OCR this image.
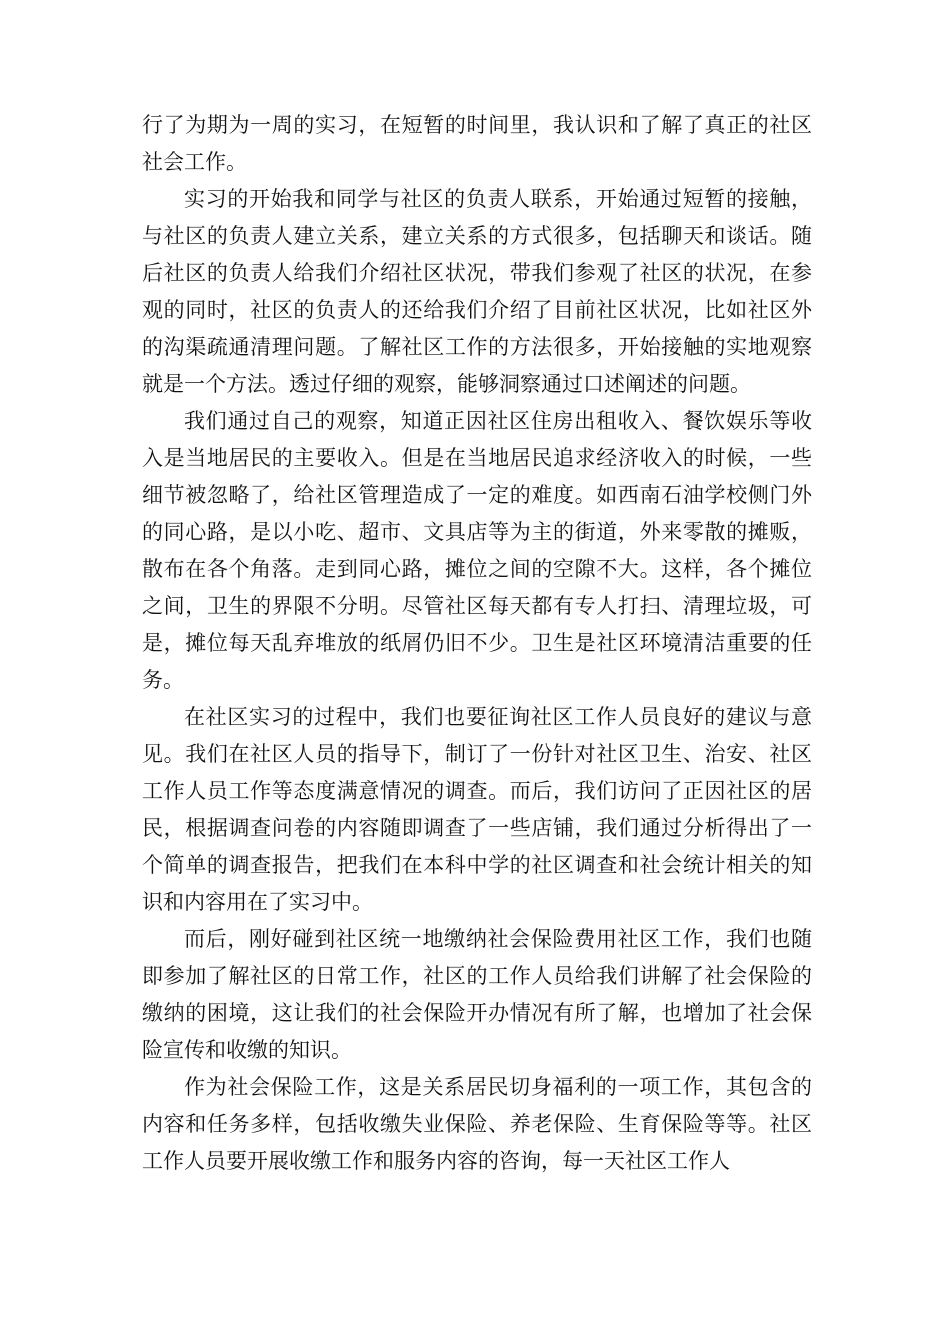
行了为期为一周的实习，在短暂的时间里，我认识和了解了真正的社区社会工作。

实习的开始我和同学与社区的负责人联系，开始通过短暂的接触，与社区的负责人建立关系，建立关系的方式很多，包括聊天和谈话。随后社区的负责人给我们介绍社区状况，带我们参观了社区的状况，在参观的同时，社区的负责人的还给我们介绍了目前社区状况，比如社区外的沟渠疏通清理问题。了解社区工作的方法很多，开始接触的实地观察就是一个方法。透过仔细的观察，能够洞察通过口述阐述的问题。

我们通过自己的观察，知道正因社区住房出租收入、餐饮娱乐等收入是当地居民的主要收入。但是在当地居民追求经济收入的时候，一些细节被忽略了，给社区管理造成了一定的难度。如西南石油学校侧门外的同心路，是以小吃、超市、文具店等为主的街道，外来零散的摊贩，散布在各个角落。走到同心路，摊位之间的空隙不大。这样，各个摊位之间，卫生的界限不分明。尽管社区每天都有专人打扫、清理垃圾，可是，摊位每天乱弃堆放的纸屑仍旧不少。卫生是社区环境清洁重要的任务。

在社区实习的过程中，我们也要征询社区工作人员良好的建议与意见。我们在社区人员的指导下，制订了一份针对社区卫生、治安、社区工作人员工作等态度满意情况的调查。而后，我们访问了正因社区的居民，根据调查问卷的内容随即调查了一些店铺，我们通过分析得出了一个简单的调查报告，把我们在本科中学的社区调查和社会统计相关的知识和内容用在了实习中。

而后，刚好碰到社区统一地缴纳社会保险费用社区工作，我们也随即参加了解社区的日常工作，社区的工作人员给我们讲解了社会保险的缴纳的困境，这让我们的社会保险开办情况有所了解，也增加了社会保险宣传和收缴的知识。

作为社会保险工作，这是关系居民切身福利的一项工作，其包含的内容和任务多样，包括收缴失业保险、养老保险、生育保险等等。社区工作人员要开展收缴工作和服务内容的咨询，每一天社区工作人
